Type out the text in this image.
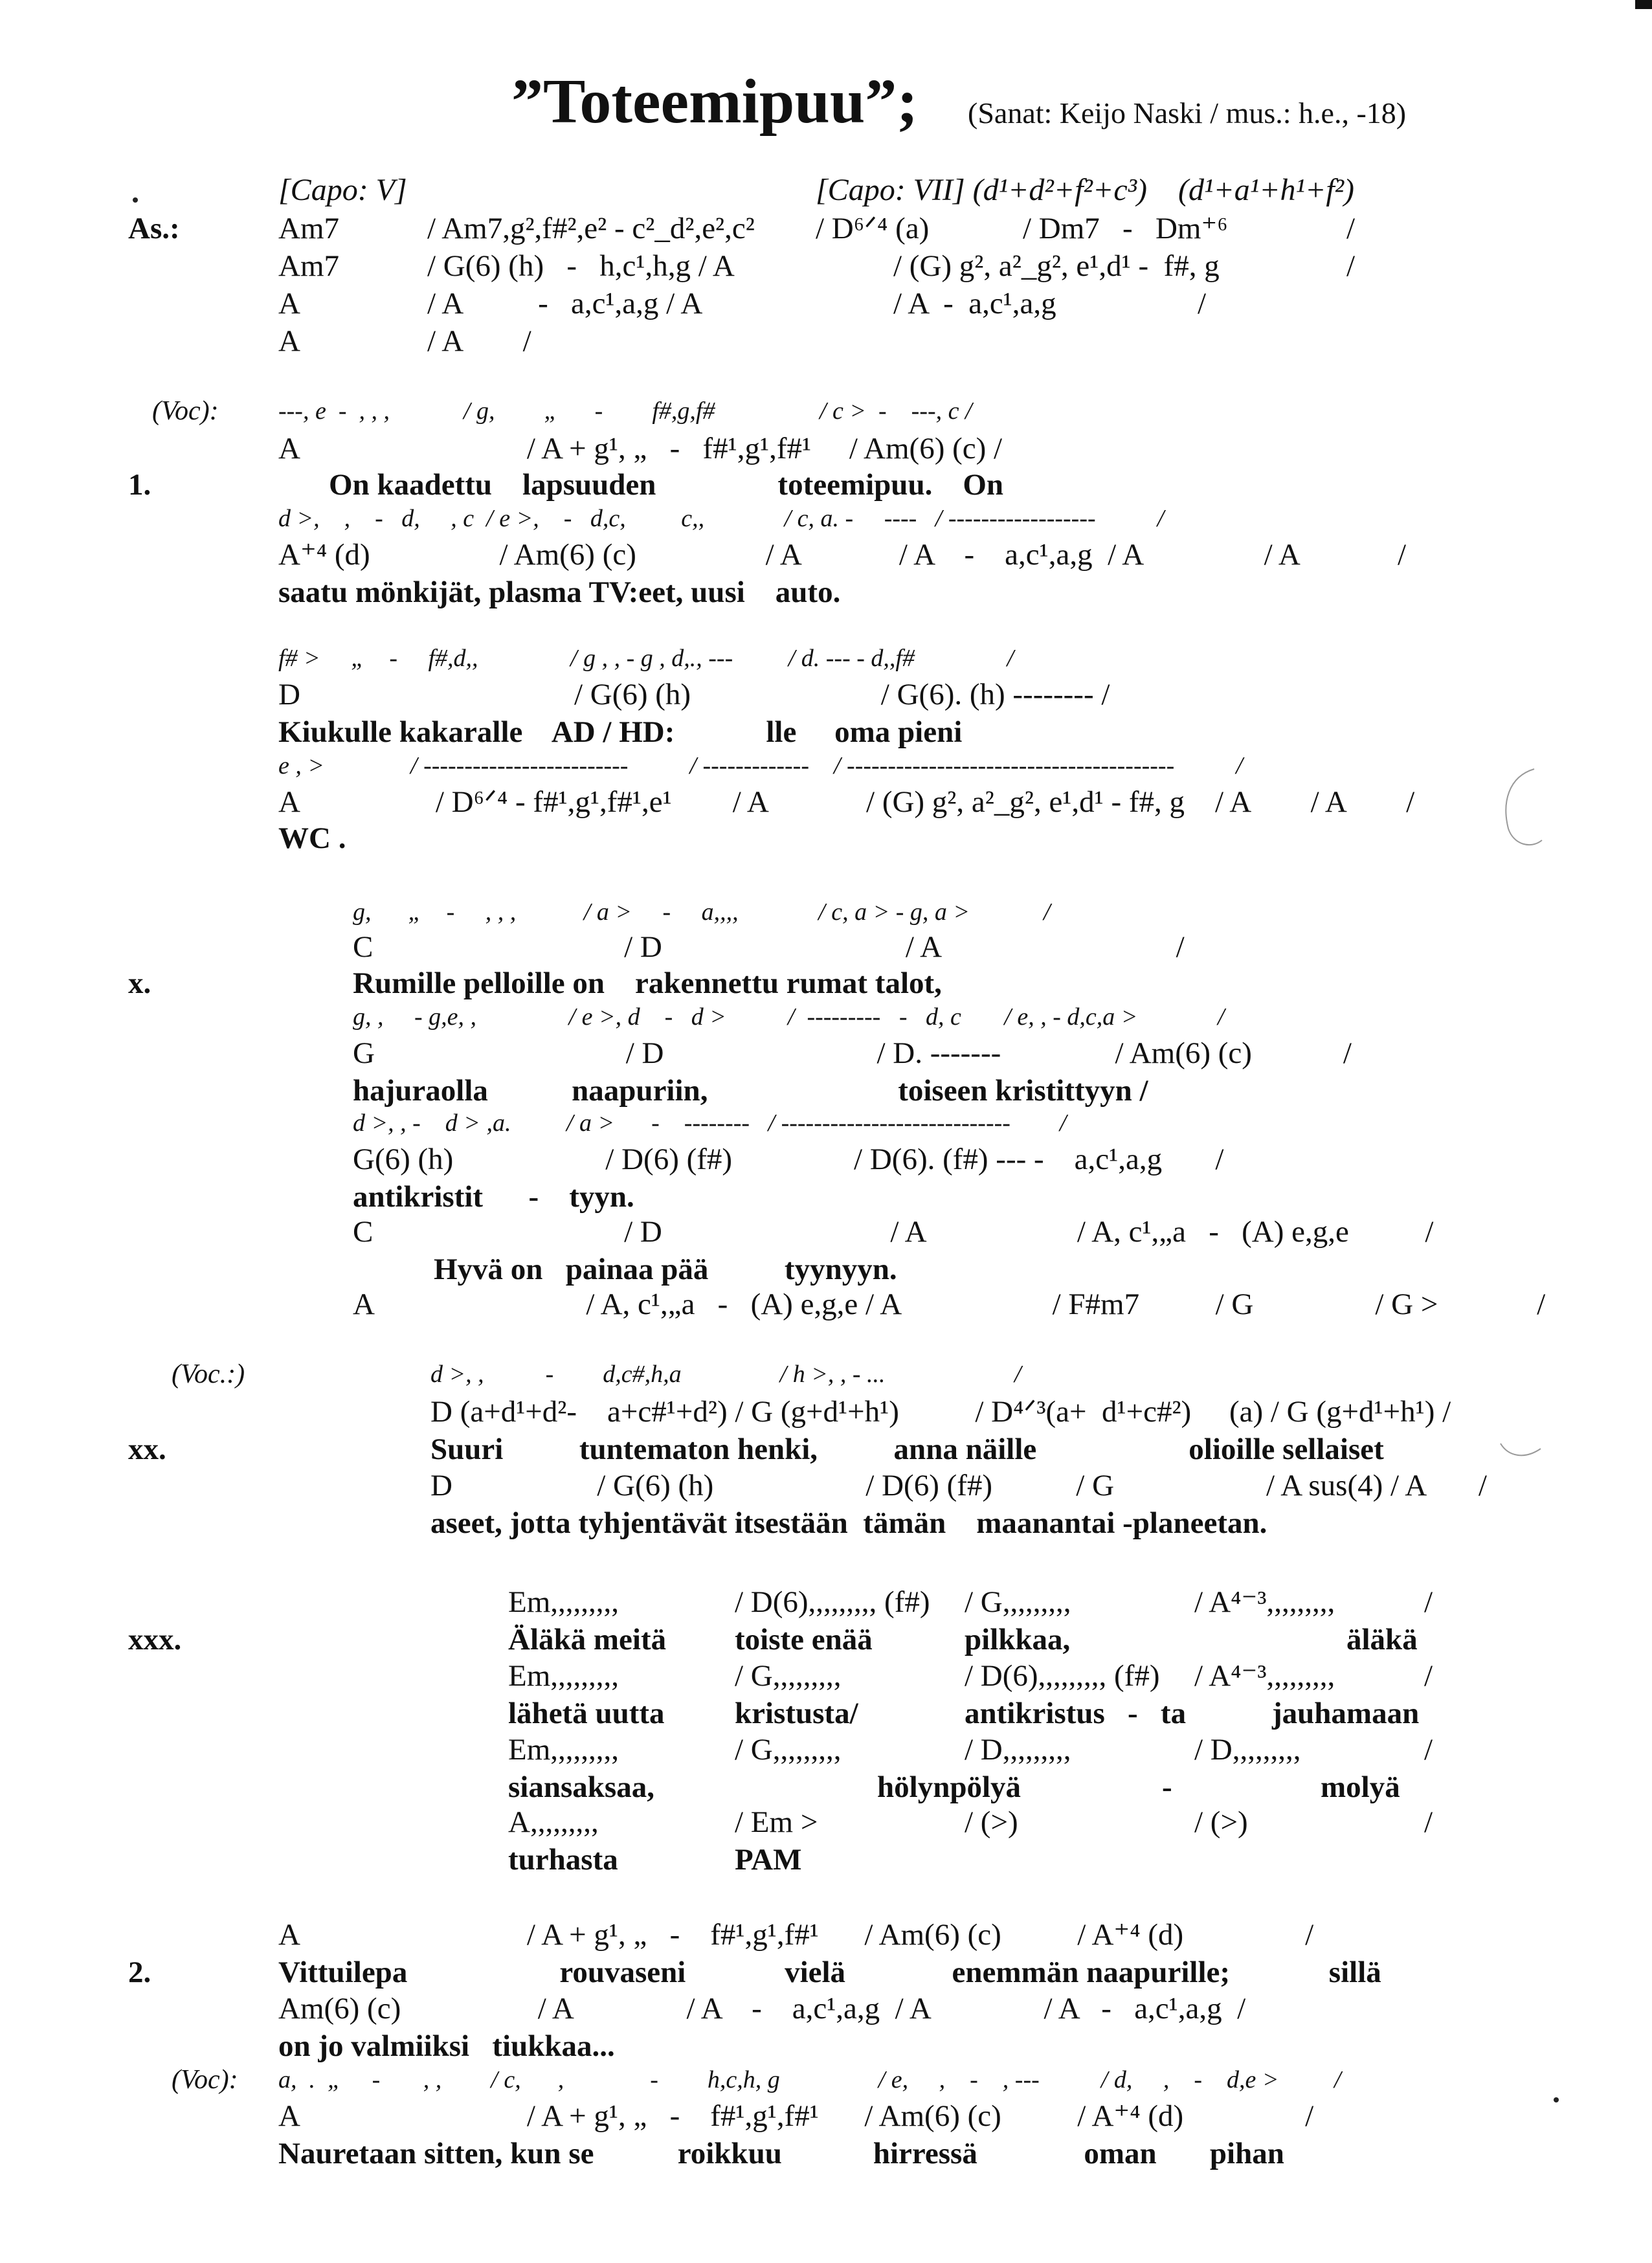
”Toteemipuu”; (Sanat: Keijo Naski / mus.: h.e., -18)
[Capo: V]	[Capo: VII] (d¹+d²+f²+c³)    (d¹+a¹+h¹+f²)
As.:	Am7	/ Am7,g²,f#²,e² - c²_d²,e²,c² / D⁶ᐟ⁴ (a)	/ Dm7   -   Dm⁺⁶	/
Am7	/ G(6) (h)   -   h,c¹,h,g / A	/ (G) g², a²_g², e¹,d¹ -  f#, g	/
A	/ A          -   a,c¹,a,g / A	/ A  -  a,c¹,a,g	/
A	/ A        /
(Voc): ---, e  -  , , ,            / g,        „      -        f#,g,f#                 / c >  -    ---, c /
A                              / A + g¹, „   -   f#¹,g¹,f#¹     / Am(6) (c) /
1.	On kaadettu    lapsuuden                toteemipuu.    On
d >,    ,    -   d,     , c  / e >,    -   d,c,         c,,             / c, a. -     ----   / ------------------          /
A⁺⁴ (d)                 / Am(6) (c)                 / A             / A    -    a,c¹,a,g  / A                / A             /
saatu mönkijät, plasma TV:eet, uusi    auto.
f# >     „    -     f#,d,,               / g , , - g , d,., ---         / d. --- - d,,f#               /
D                                    / G(6) (h)                         / G(6). (h) -------- /
Kiukulle kakaralle    AD / HD:            lle     oma pieni
e , >              / -------------------------          / -------------    / ----------------------------------------          /
A                  / D⁶ᐟ⁴ - f#¹,g¹,f#¹,e¹        / A             / (G) g², a²_g², e¹,d¹ - f#, g    / A        / A        /
WC .
g,      „    -     , , ,           / a >     -     a,,,,             / c, a > - g, a >            /
C                                 / D                                / A                               /
x.	Rumille pelloille on    rakennettu rumat talot,
g, ,     - g,e, ,               / e >, d    -   d >          /  ---------   -   d, c       / e, , - d,c,a >             /
G                                 / D                            / D. -------               / Am(6) (c)            /
hajuraolla           naapuriin,                         toiseen kristittyyn /
d >, , -    d > ,a.         / a >      -    --------   / ----------------------------        /
G(6) (h)                    / D(6) (f#)                / D(6). (f#) --- -    a,c¹,a,g       /
antikristit      -    tyyn.
C                                 / D                              / A                    / A, c¹,„a   -   (A) e,g,e          /
Hyvä on   painaa pää          tyynyyn.
A                            / A, c¹,„a   -   (A) e,g,e / A                    / F#m7          / G                / G >             /
(Voc.:)	d >, ,          -        d,c#,h,a                / h >, , - ...                     /
D (a+d¹+d²-    a+c#¹+d²) / G (g+d¹+h¹)          / D⁴ᐟ³(a+  d¹+c#²)     (a) / G (g+d¹+h¹) /
xx.	Suuri          tuntematon henki,          anna näille                    olioille sellaiset
D                   / G(6) (h)                    / D(6) (f#)           / G                    / A sus(4) / A       /
aseet, jotta tyhjentävät itsestään  tämän    maanantai -planeetan.
xxx.
Em,,,,,,,,,	/ D(6),,,,,,,,, (f#) / G,,,,,,,,,	/ A⁴⁻³,,,,,,,,,	/
Äläkä meitä toiste enää	pilkkaa,	äläkä
Em,,,,,,,,,	/ G,,,,,,,,,	/ D(6),,,,,,,,, (f#) / A⁴⁻³,,,,,,,,,	/
lähetä uutta kristusta/	antikristus   -   ta	jauhamaan
Em,,,,,,,,,	/ G,,,,,,,,,	/ D,,,,,,,,,	/ D,,,,,,,,,	/
siansaksaa,	hölynpölyä	-	molyä
A,,,,,,,,,	/ Em >	/ (>)	/ (>)	/
turhasta	PAM
A                              / A + g¹, „   -    f#¹,g¹,f#¹      / Am(6) (c)          / A⁺⁴ (d)                /
2.	Vittuilepa                    rouvaseni             vielä              enemmän naapurille;             sillä
Am(6) (c)                  / A               / A    -    a,c¹,a,g  / A               / A   -   a,c¹,a,g  /
on jo valmiiksi   tiukkaa...
(Voc): a,  .  „     -       , ,        / c,      ,              -        h,c,h, g                / e,     ,    -    , ---          / d,     ,    -    d,e >         /
A                              / A + g¹, „   -    f#¹,g¹,f#¹      / Am(6) (c)          / A⁺⁴ (d)                /
Nauretaan sitten, kun se           roikkuu            hirressä              oman       pihan
